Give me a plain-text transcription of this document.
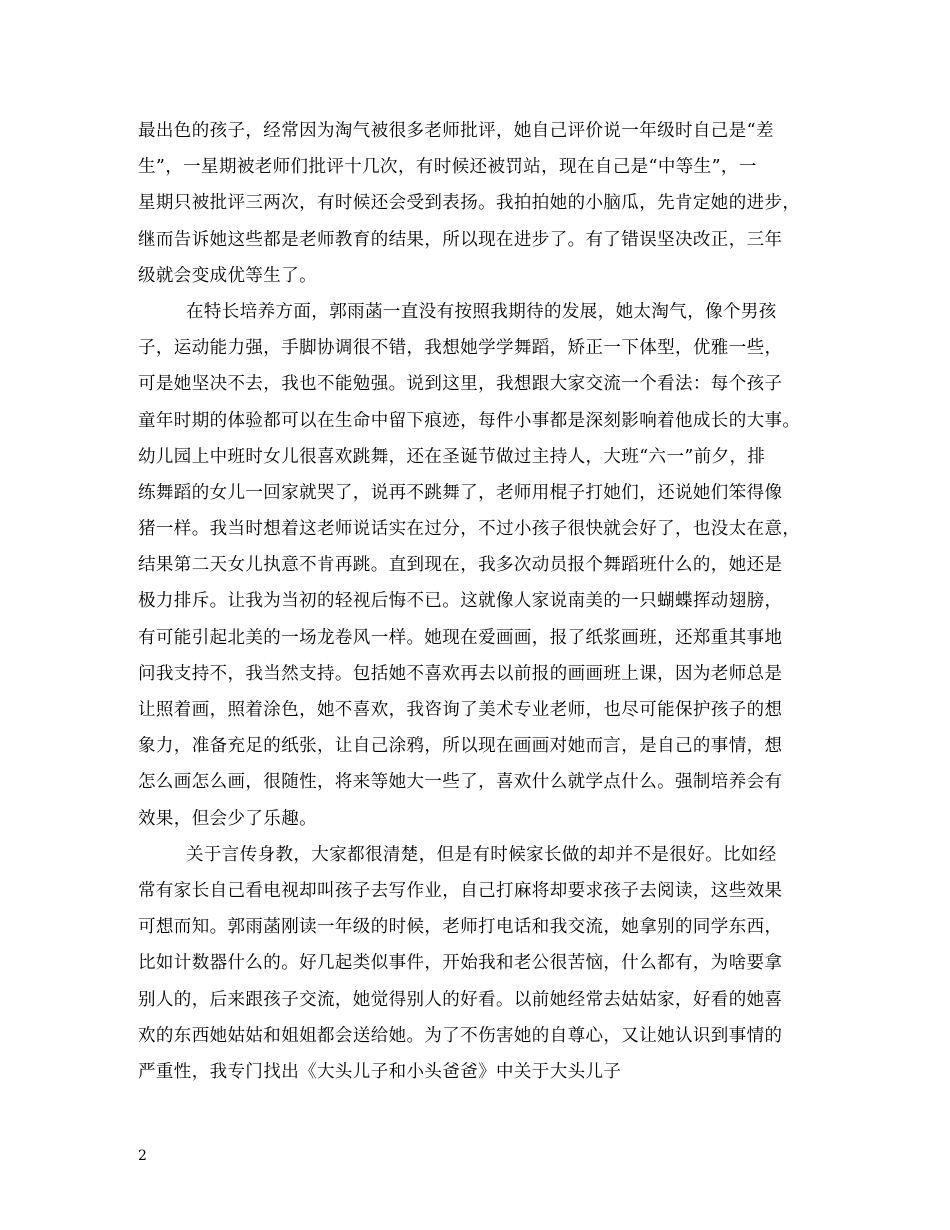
最出色的孩子，经常因为淘气被很多老师批评，她自己评价说一年级时自己是“差
生”，一星期被老师们批评十几次，有时候还被罚站，现在自己是“中等生”，一
星期只被批评三两次，有时候还会受到表扬。我拍拍她的小脑瓜，先肯定她的进步，
继而告诉她这些都是老师教育的结果，所以现在进步了。有了错误坚决改正，三年
级就会变成优等生了。
在特长培养方面，郭雨菡一直没有按照我期待的发展，她太淘气，像个男孩
子，运动能力强，手脚协调很不错，我想她学学舞蹈，矫正一下体型，优雅一些，
可是她坚决不去，我也不能勉强。说到这里，我想跟大家交流一个看法：每个孩子
童年时期的体验都可以在生命中留下痕迹，每件小事都是深刻影响着他成长的大事。
幼儿园上中班时女儿很喜欢跳舞，还在圣诞节做过主持人，大班“六一”前夕，排
练舞蹈的女儿一回家就哭了，说再不跳舞了，老师用棍子打她们，还说她们笨得像
猪一样。我当时想着这老师说话实在过分，不过小孩子很快就会好了，也没太在意，
结果第二天女儿执意不肯再跳。直到现在，我多次动员报个舞蹈班什么的，她还是
极力排斥。让我为当初的轻视后悔不已。这就像人家说南美的一只蝴蝶挥动翅膀，
有可能引起北美的一场龙卷风一样。她现在爱画画，报了纸浆画班，还郑重其事地
问我支持不，我当然支持。包括她不喜欢再去以前报的画画班上课，因为老师总是
让照着画，照着涂色，她不喜欢，我咨询了美术专业老师，也尽可能保护孩子的想
象力，准备充足的纸张，让自己涂鸦，所以现在画画对她而言，是自己的事情，想
怎么画怎么画，很随性，将来等她大一些了，喜欢什么就学点什么。强制培养会有
效果，但会少了乐趣。
关于言传身教，大家都很清楚，但是有时候家长做的却并不是很好。比如经
常有家长自己看电视却叫孩子去写作业，自己打麻将却要求孩子去阅读，这些效果
可想而知。郭雨菡刚读一年级的时候，老师打电话和我交流，她拿别的同学东西，
比如计数器什么的。好几起类似事件，开始我和老公很苦恼，什么都有，为啥要拿
别人的，后来跟孩子交流，她觉得别人的好看。以前她经常去姑姑家，好看的她喜
欢的东西她姑姑和姐姐都会送给她。为了不伤害她的自尊心，又让她认识到事情的
严重性，我专门找出《大头儿子和小头爸爸》中关于大头儿子
2
